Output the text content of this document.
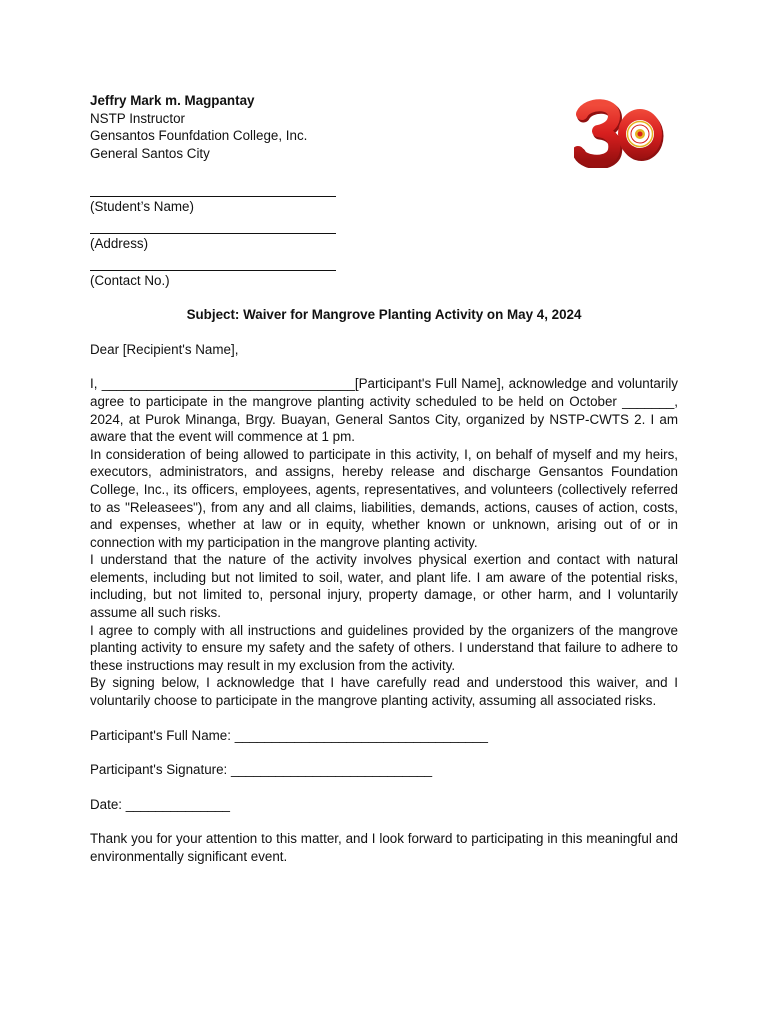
Jeffry Mark m. Magpantay
NSTP Instructor
Gensantos Founfdation College, Inc.
General Santos City
(Student’s Name)
(Address)
(Contact No.)
Subject: Waiver for Mangrove Planting Activity on May 4, 2024
Dear [Recipient's Name],

I, __________________________________[Participant's Full Name], acknowledge and voluntarily agree to participate in the mangrove planting activity scheduled to be held on October _______, 2024, at Purok Minanga, Brgy. Buayan, General Santos City, organized by NSTP-CWTS 2. I am aware that the event will commence at 1 pm.

In consideration of being allowed to participate in this activity, I, on behalf of myself and my heirs, executors, administrators, and assigns, hereby release and discharge Gensantos Foundation College, Inc., its officers, employees, agents, representatives, and volunteers (collectively referred to as "Releasees"), from any and all claims, liabilities, demands, actions, causes of action, costs, and expenses, whether at law or in equity, whether known or unknown, arising out of or in connection with my participation in the mangrove planting activity.

I understand that the nature of the activity involves physical exertion and contact with natural elements, including but not limited to soil, water, and plant life. I am aware of the potential risks, including, but not limited to, personal injury, property damage, or other harm, and I voluntarily assume all such risks.

I agree to comply with all instructions and guidelines provided by the organizers of the mangrove planting activity to ensure my safety and the safety of others. I understand that failure to adhere to these instructions may result in my exclusion from the activity.

By signing below, I acknowledge that I have carefully read and understood this waiver, and I voluntarily choose to participate in the mangrove planting activity, assuming all associated risks.

Participant's Full Name: __________________________________
Participant's Signature: ___________________________
Date: ______________
Thank you for your attention to this matter, and I look forward to participating in this meaningful and environmentally significant event.
